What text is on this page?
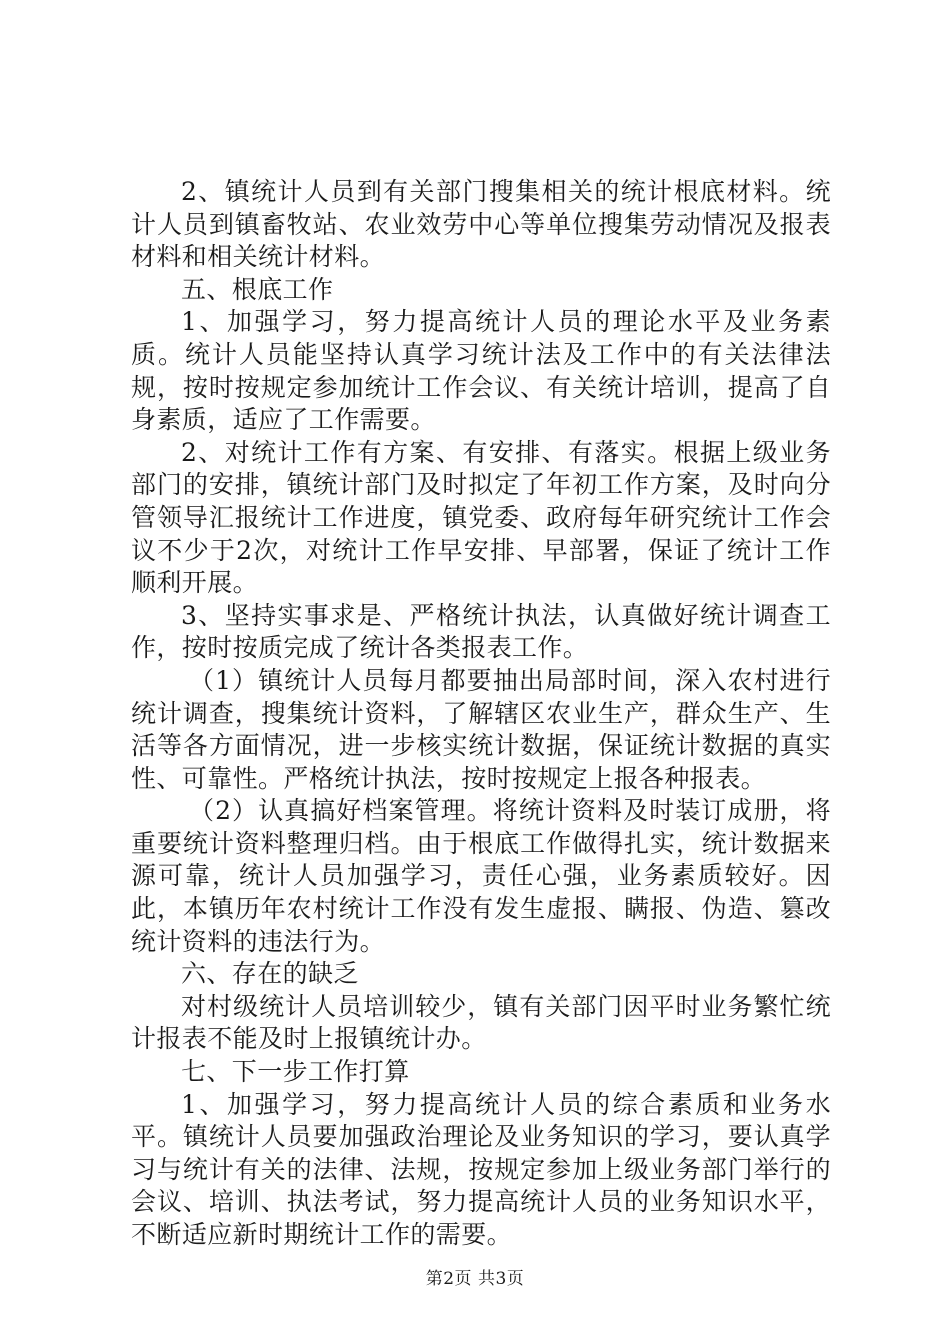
2、镇统计人员到有关部门搜集相关的统计根底材料。统计人员到镇畜牧站、农业效劳中心等单位搜集劳动情况及报表材料和相关统计材料。

五、根底工作

1、加强学习，努力提高统计人员的理论水平及业务素质。统计人员能坚持认真学习统计法及工作中的有关法律法规，按时按规定参加统计工作会议、有关统计培训，提高了自身素质，适应了工作需要。

2、对统计工作有方案、有安排、有落实。根据上级业务部门的安排，镇统计部门及时拟定了年初工作方案，及时向分管领导汇报统计工作进度，镇党委、政府每年研究统计工作会议不少于2次，对统计工作早安排、早部署，保证了统计工作顺利开展。

3、坚持实事求是、严格统计执法，认真做好统计调查工作，按时按质完成了统计各类报表工作。

（1）镇统计人员每月都要抽出局部时间，深入农村进行统计调查，搜集统计资料，了解辖区农业生产，群众生产、生活等各方面情况，进一步核实统计数据，保证统计数据的真实性、可靠性。严格统计执法，按时按规定上报各种报表。

（2）认真搞好档案管理。将统计资料及时装订成册，将重要统计资料整理归档。由于根底工作做得扎实，统计数据来源可靠，统计人员加强学习，责任心强，业务素质较好。因此，本镇历年农村统计工作没有发生虚报、瞒报、伪造、篡改统计资料的违法行为。

六、存在的缺乏

对村级统计人员培训较少，镇有关部门因平时业务繁忙统计报表不能及时上报镇统计办。

七、下一步工作打算

1、加强学习，努力提高统计人员的综合素质和业务水平。镇统计人员要加强政治理论及业务知识的学习，要认真学习与统计有关的法律、法规，按规定参加上级业务部门举行的会议、培训、执法考试，努力提高统计人员的业务知识水平，不断适应新时期统计工作的需要。

第2页 共3页
